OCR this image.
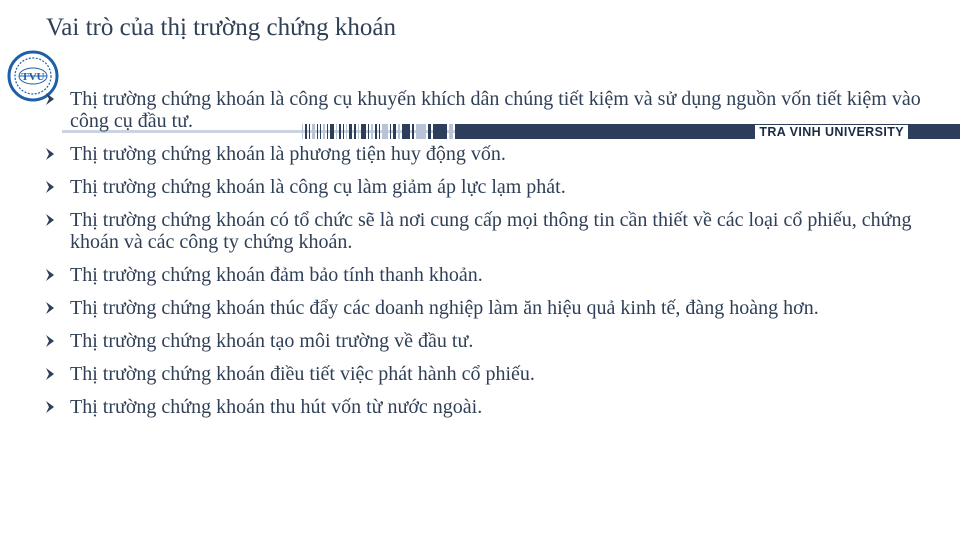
Vai trò của thị trường chứng khoán
TRA VINH UNIVERSITY
TVU
Thị trường chứng khoán là công cụ khuyến khích dân chúng tiết kiệm và sử dụng nguồn vốn tiết kiệm vào công cụ đầu tư.
Thị trường chứng khoán là phương tiện huy động vốn.
Thị trường chứng khoán là công cụ làm giảm áp lực lạm phát.
Thị trường chứng khoán có tổ chức sẽ là nơi cung cấp mọi thông tin cần thiết về các loại cổ phiếu, chứng khoán và các công ty chứng khoán.
Thị trường chứng khoán đảm bảo tính thanh khoản.
Thị trường chứng khoán thúc đẩy các doanh nghiệp làm ăn hiệu quả kinh tế, đàng hoàng hơn.
Thị trường chứng khoán tạo môi trường về đầu tư.
Thị trường chứng khoán điều tiết việc phát hành cổ phiếu.
Thị trường chứng khoán thu hút vốn từ nước ngoài.
